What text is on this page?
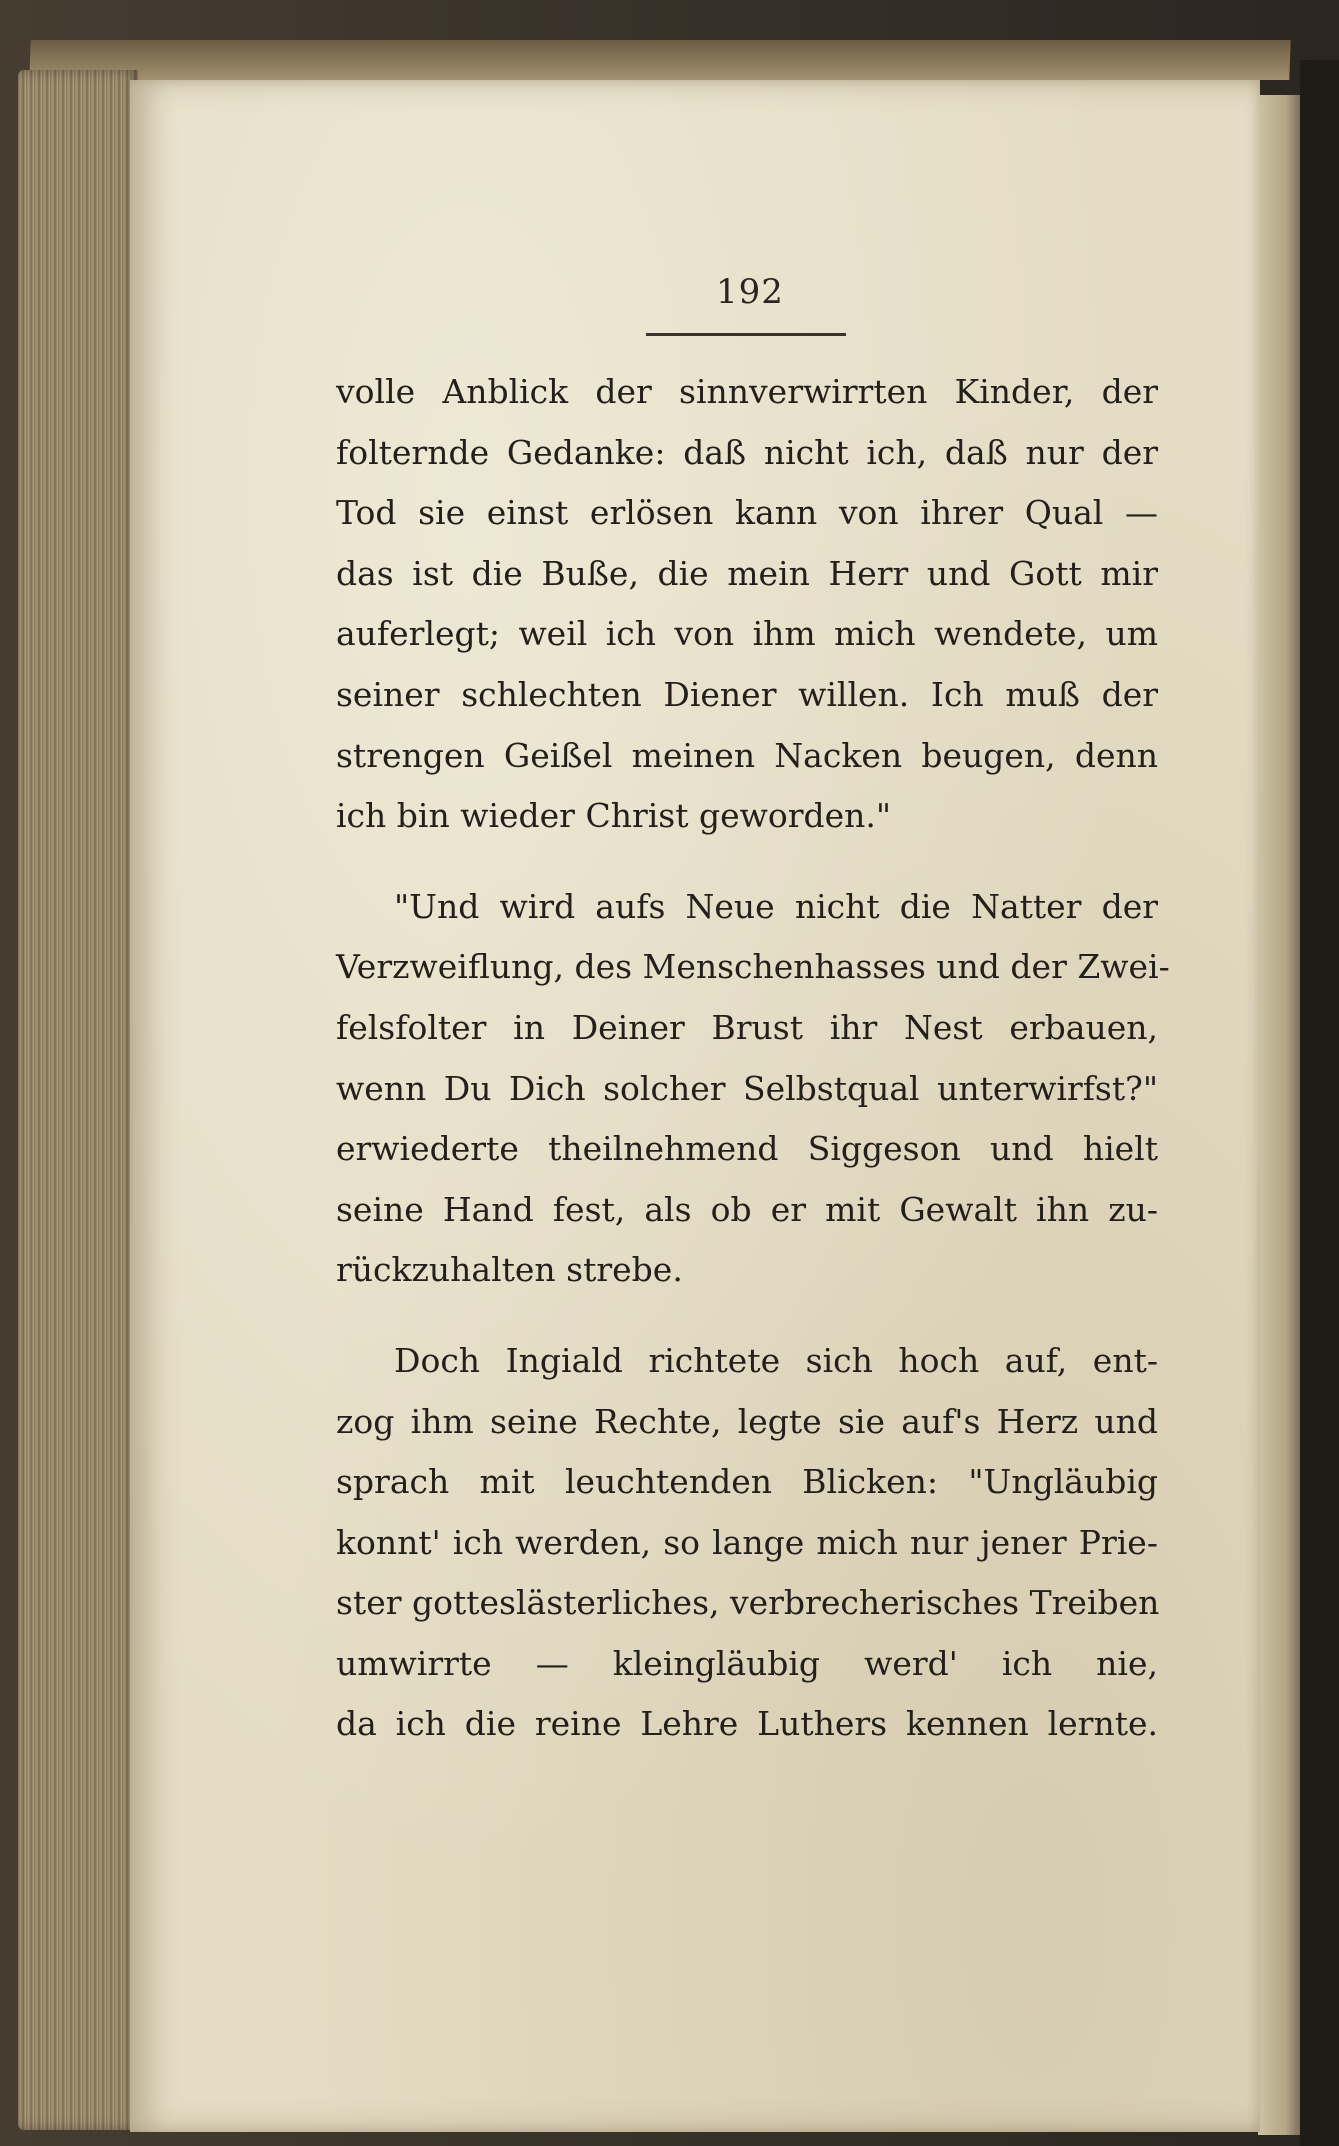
192
volle Anblick der sinnverwirrten Kinder, der
folternde Gedanke: daß nicht ich, daß nur der
Tod sie einst erlösen kann von ihrer Qual —
das ist die Buße, die mein Herr und Gott mir
auferlegt; weil ich von ihm mich wendete, um
seiner schlechten Diener willen. Ich muß der
strengen Geißel meinen Nacken beugen, denn
ich bin wieder Christ geworden."
"Und wird aufs Neue nicht die Natter der
Verzweiflung, des Menschenhasses und der Zwei-
felsfolter in Deiner Brust ihr Nest erbauen,
wenn Du Dich solcher Selbstqual unterwirfst?"
erwiederte theilnehmend Siggeson und hielt
seine Hand fest, als ob er mit Gewalt ihn zu-
rückzuhalten strebe.
Doch Ingiald richtete sich hoch auf, ent-
zog ihm seine Rechte, legte sie auf's Herz und
sprach mit leuchtenden Blicken: "Ungläubig
konnt' ich werden, so lange mich nur jener Prie-
ster gotteslästerliches, verbrecherisches Treiben
umwirrte — kleingläubig werd' ich nie,
da ich die reine Lehre Luthers kennen lernte.
